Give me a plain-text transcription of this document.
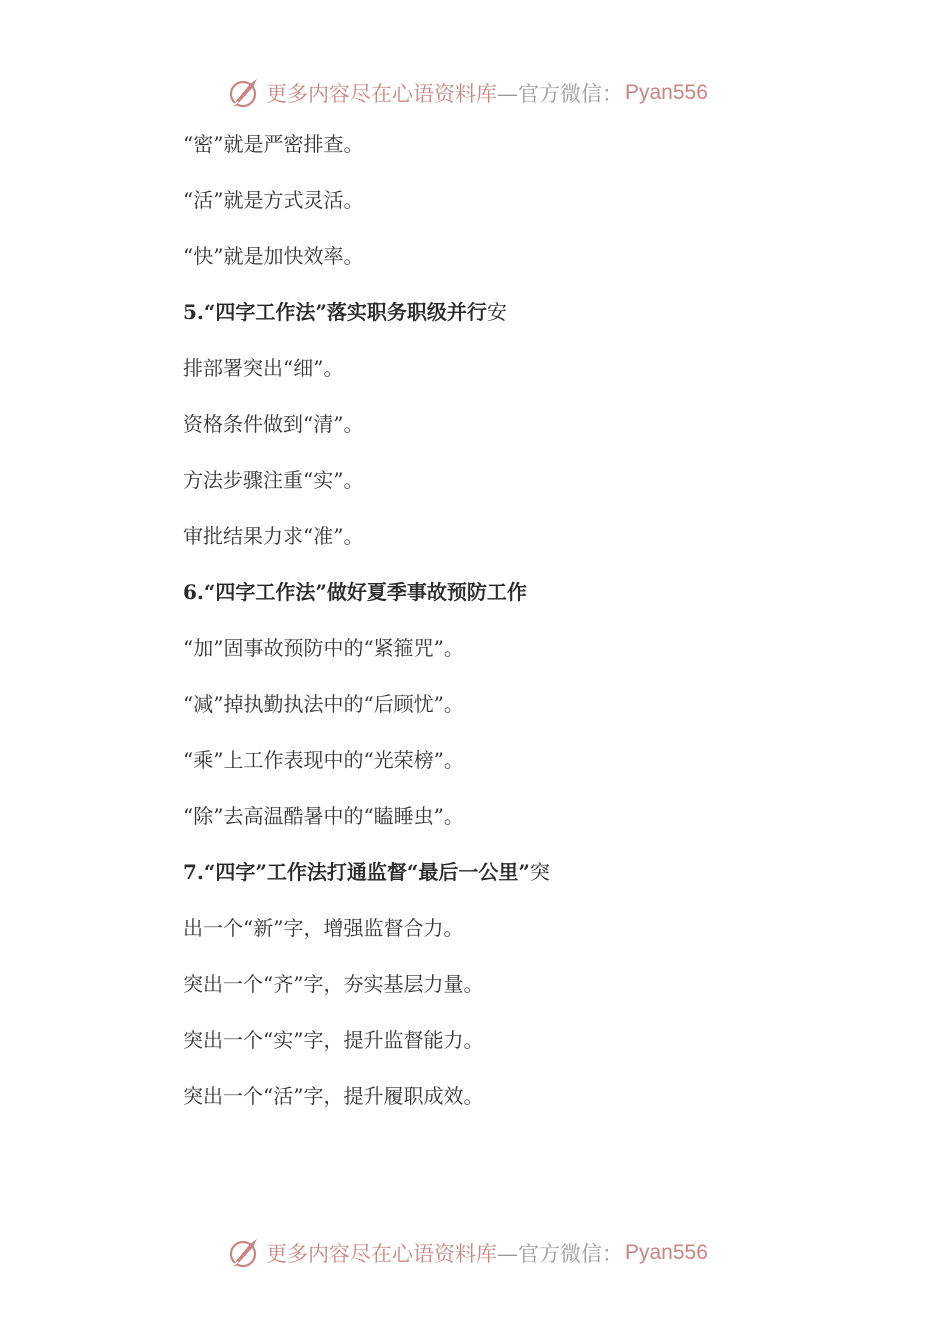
更多内容尽在心语资料库 —官方微信： Pyan556
“密”就是严密排查。
“活”就是方式灵活。
“快”就是加快效率。
5.“四字工作法”落实职务职级并行安
排部署突出“细”。
资格条件做到“清”。
方法步骤注重“实”。
审批结果力求“准”。
6.“四字工作法”做好夏季事故预防工作
“加”固事故预防中的“紧箍咒”。
“减”掉执勤执法中的“后顾忧”。
“乘”上工作表现中的“光荣榜”。
“除”去高温酷暑中的“瞌睡虫”。
7.“四字”工作法打通监督“最后一公里”突
出一个“新”字，增强监督合力。
突出一个“齐”字，夯实基层力量。
突出一个“实”字，提升监督能力。
突出一个“活”字，提升履职成效。
更多内容尽在心语资料库 —官方微信： Pyan556
